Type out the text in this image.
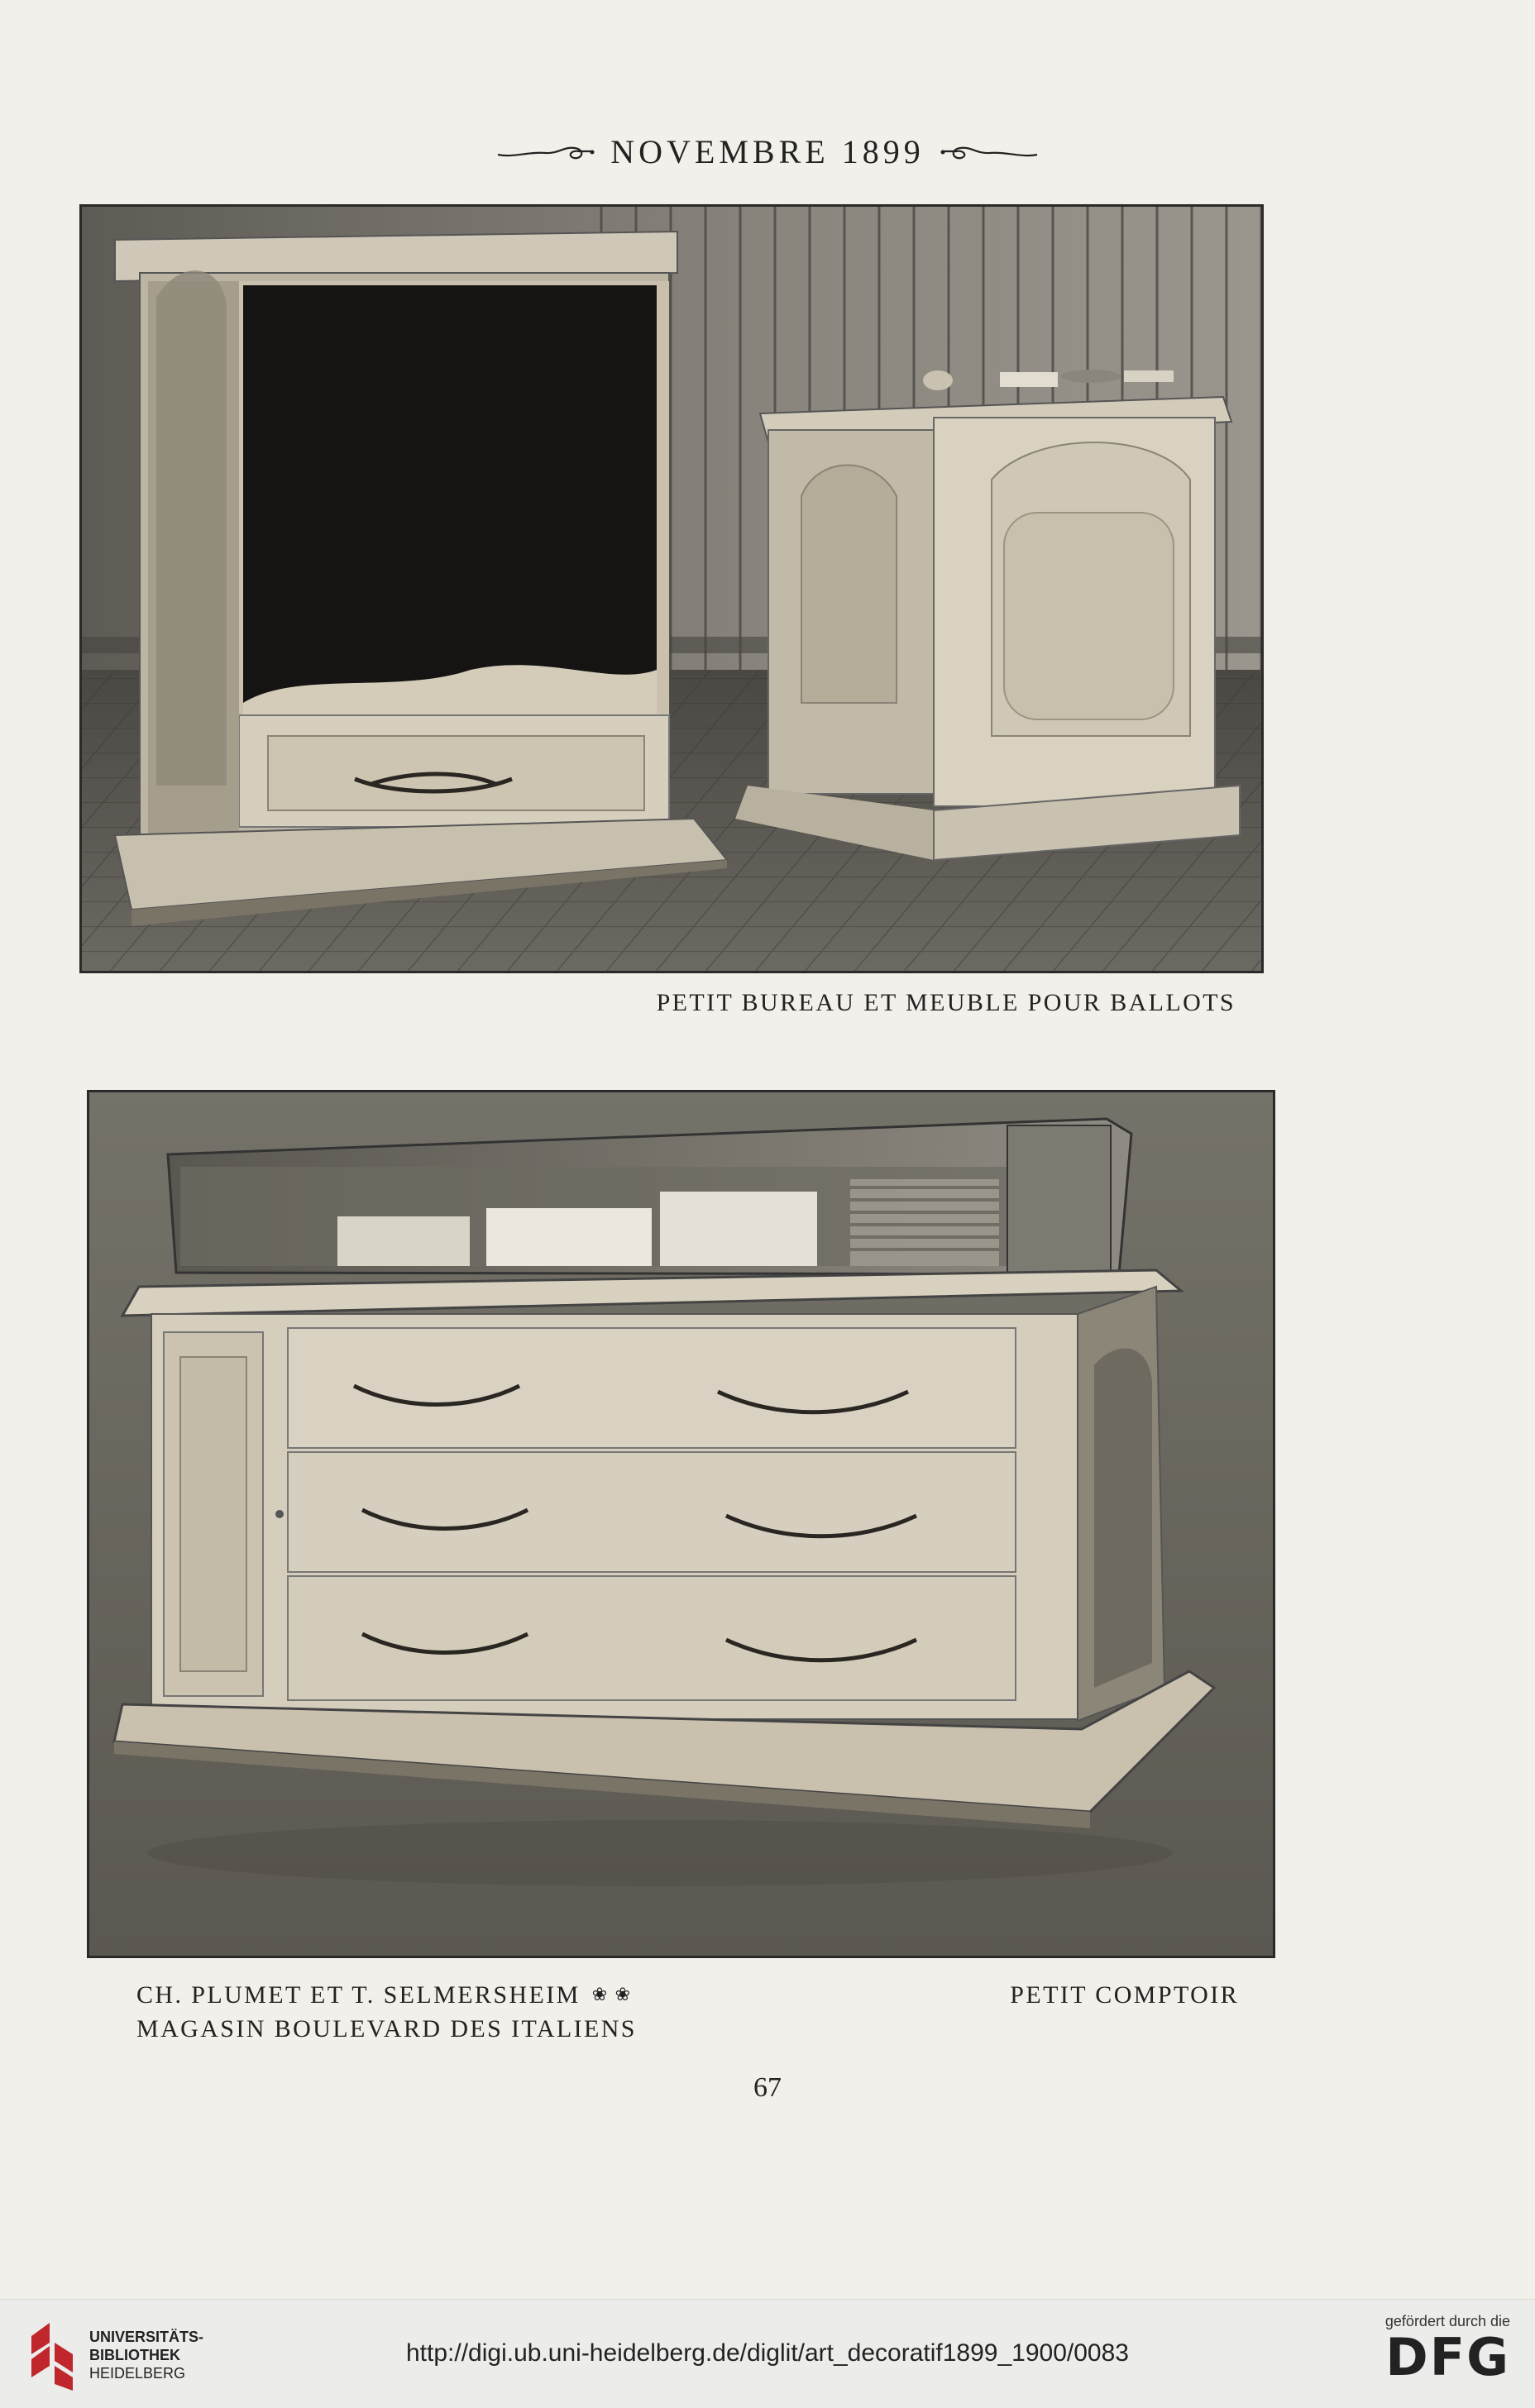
NOVEMBRE 1899
PETIT BUREAU ET MEUBLE POUR BALLOTS
CH. PLUMET ET T. SELMERSHEIM ❀ ❀
MAGASIN BOULEVARD DES ITALIENS
PETIT COMPTOIR
67
UNIVERSITÄTS-
BIBLIOTHEK
HEIDELBERG
http://digi.ub.uni-heidelberg.de/diglit/art_decoratif1899_1900/0083
gefördert durch die
DFG
